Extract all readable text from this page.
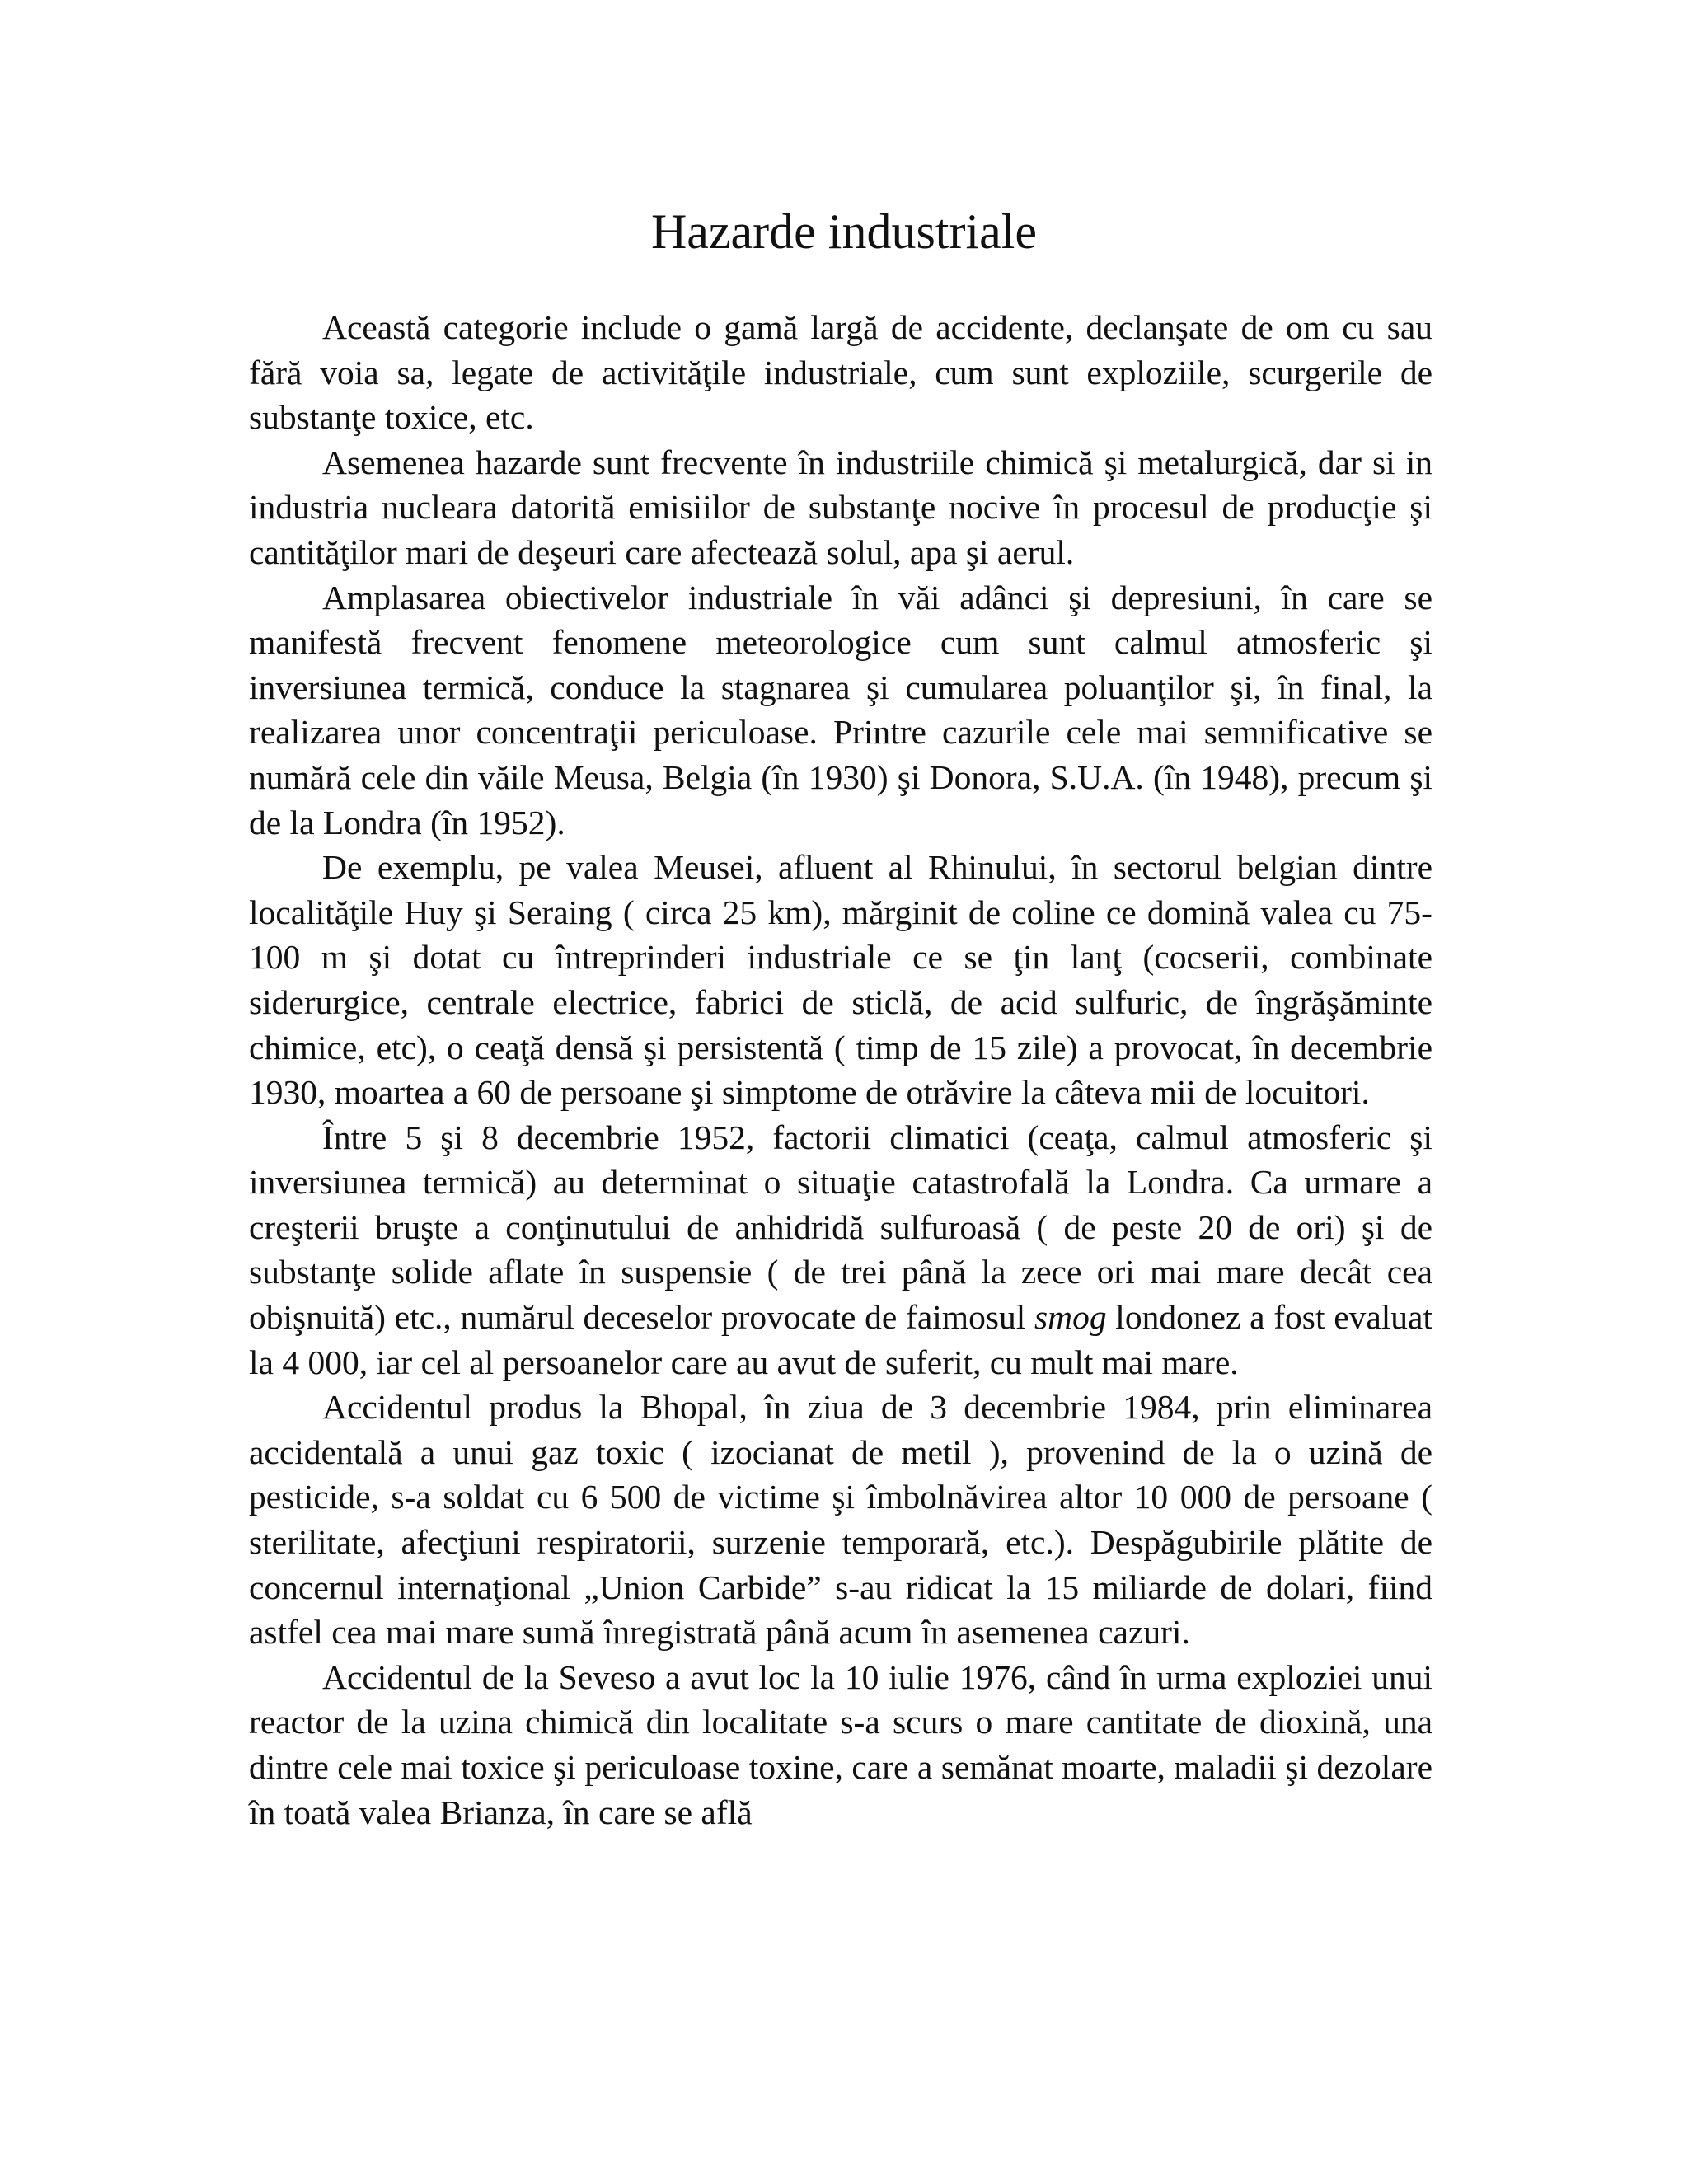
Hazarde industriale

Această categorie include o gamă largă de accidente, declanşate de om cu sau fără voia sa, legate de activităţile industriale, cum sunt exploziile, scurgerile de substanţe toxice, etc.

Asemenea hazarde sunt frecvente în industriile chimică şi metalurgică, dar si in industria nucleara datorită emisiilor de substanţe nocive în procesul de producţie şi cantităţilor mari de deşeuri care afectează solul, apa şi aerul.

Amplasarea obiectivelor industriale în văi adânci şi depresiuni, în care se manifestă frecvent fenomene meteorologice cum sunt calmul atmosferic şi inversiunea termică, conduce la stagnarea şi cumularea poluanţilor şi, în final, la realizarea unor concentraţii periculoase. Printre cazurile cele mai semnificative se numără cele din văile Meusa, Belgia (în 1930) şi Donora, S.U.A. (în 1948), precum şi de la Londra (în 1952).

De exemplu, pe valea Meusei, afluent al Rhinului, în sectorul belgian dintre localităţile Huy şi Seraing ( circa 25 km), mărginit de coline ce domină valea cu 75-100 m şi dotat cu întreprinderi industriale ce se ţin lanţ (cocserii, combinate siderurgice, centrale electrice, fabrici de sticlă, de acid sulfuric, de îngrăşăminte chimice, etc), o ceaţă densă şi persistentă ( timp de 15 zile) a provocat, în decembrie 1930, moartea a 60 de persoane şi simptome de otrăvire la câteva mii de locuitori.

Între 5 şi 8 decembrie 1952, factorii climatici (ceaţa, calmul atmosferic şi inversiunea termică) au determinat o situaţie catastrofală la Londra. Ca urmare a creşterii bruşte a conţinutului de anhidridă sulfuroasă ( de peste 20 de ori) şi de substanţe solide aflate în suspensie ( de trei până la zece ori mai mare decât cea obişnuită) etc., numărul deceselor provocate de faimosul smog londonez a fost evaluat la 4 000, iar cel al persoanelor care au avut de suferit, cu mult mai mare.

Accidentul produs la Bhopal, în ziua de 3 decembrie 1984, prin eliminarea accidentală a unui gaz toxic ( izocianat de metil ), provenind de la o uzină de pesticide, s-a soldat cu 6 500 de victime şi îmbolnăvirea altor 10 000 de persoane ( sterilitate, afecţiuni respiratorii, surzenie temporară, etc.). Despăgubirile plătite de concernul internaţional „Union Carbide” s-au ridicat la 15 miliarde de dolari, fiind astfel cea mai mare sumă înregistrată până acum în asemenea cazuri.

Accidentul de la Seveso a avut loc la 10 iulie 1976, când în urma exploziei unui reactor de la uzina chimică din localitate s-a scurs o mare cantitate de dioxină, una dintre cele mai toxice şi periculoase toxine, care a semănat moarte, maladii şi dezolare în toată valea Brianza, în care se află
